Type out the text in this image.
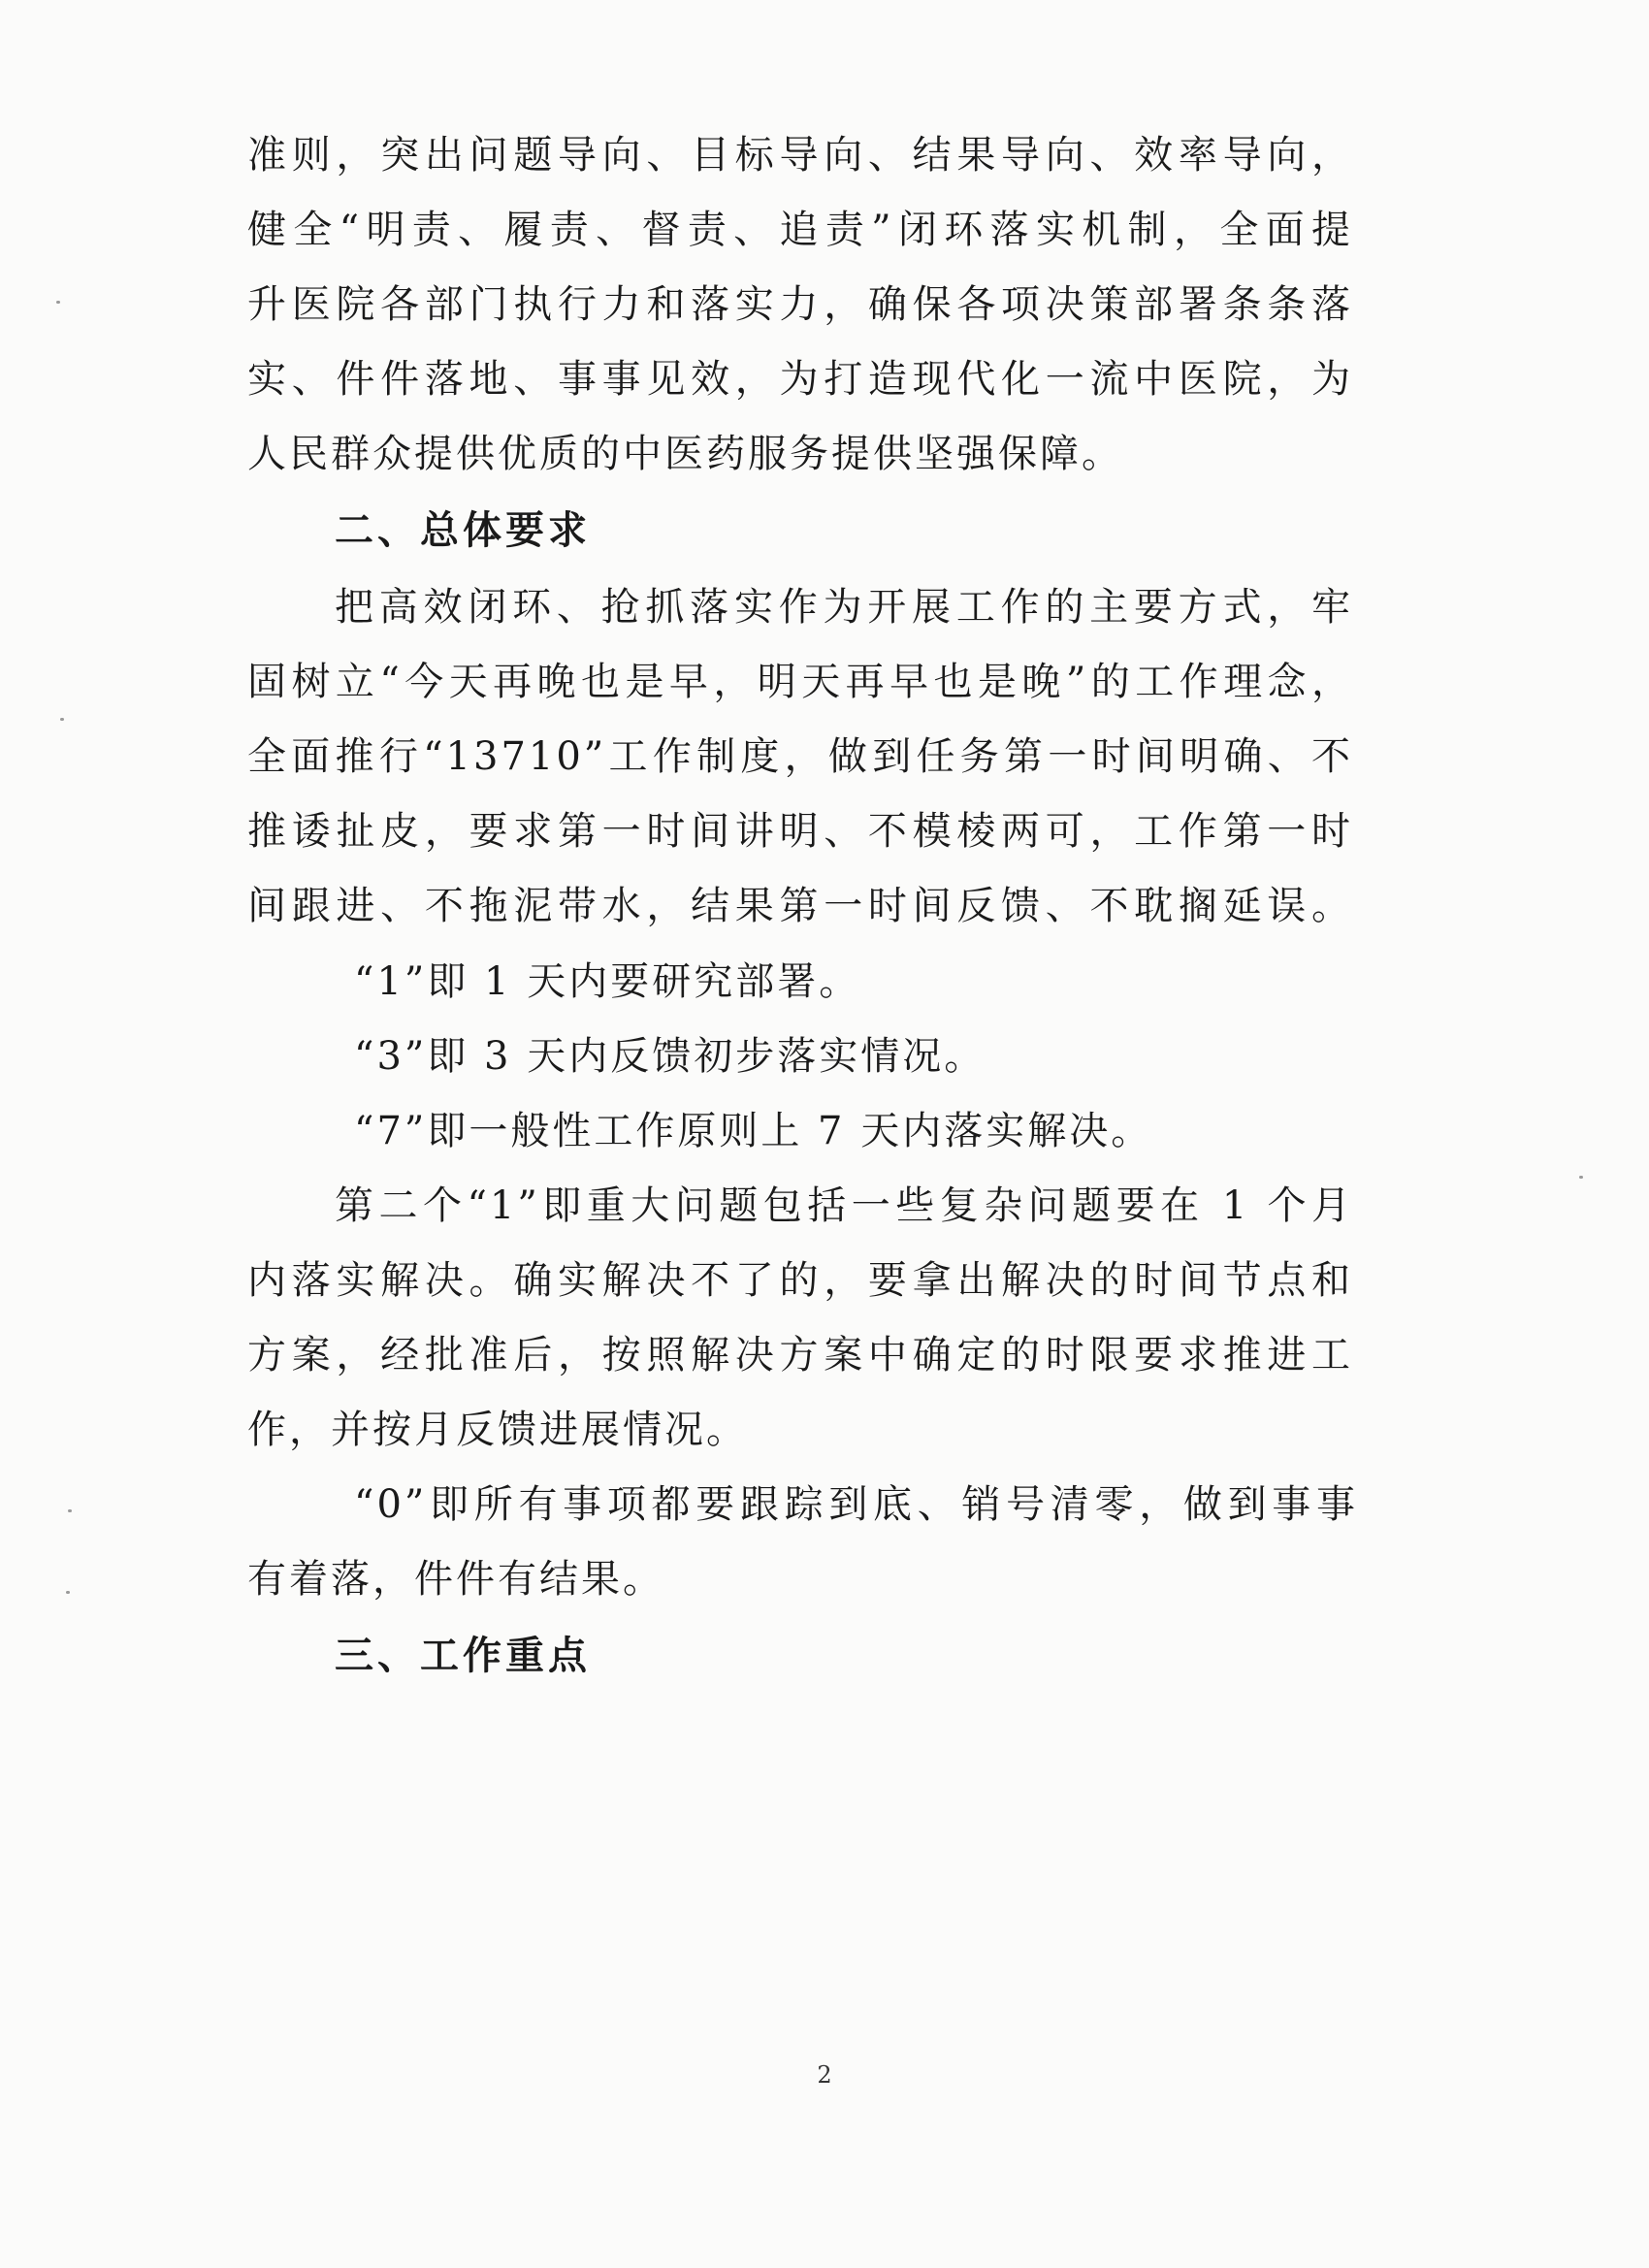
准则，突出问题导向、目标导向、结果导向、效率导向，
健全“明责、履责、督责、追责”闭环落实机制，全面提
升医院各部门执行力和落实力，确保各项决策部署条条落
实、件件落地、事事见效，为打造现代化一流中医院，为
人民群众提供优质的中医药服务提供坚强保障。
二、总体要求
把高效闭环、抢抓落实作为开展工作的主要方式，牢
固树立“今天再晚也是早，明天再早也是晚”的工作理念，
全面推行“13710”工作制度，做到任务第一时间明确、不
推诿扯皮，要求第一时间讲明、不模棱两可，工作第一时
间跟进、不拖泥带水，结果第一时间反馈、不耽搁延误。
“1”即 1 天内要研究部署。
“3”即 3 天内反馈初步落实情况。
“7”即一般性工作原则上 7 天内落实解决。
第二个“1”即重大问题包括一些复杂问题要在 1 个月
内落实解决。确实解决不了的，要拿出解决的时间节点和
方案，经批准后，按照解决方案中确定的时限要求推进工
作，并按月反馈进展情况。
“0”即所有事项都要跟踪到底、销号清零，做到事事
有着落，件件有结果。
三、工作重点
2
